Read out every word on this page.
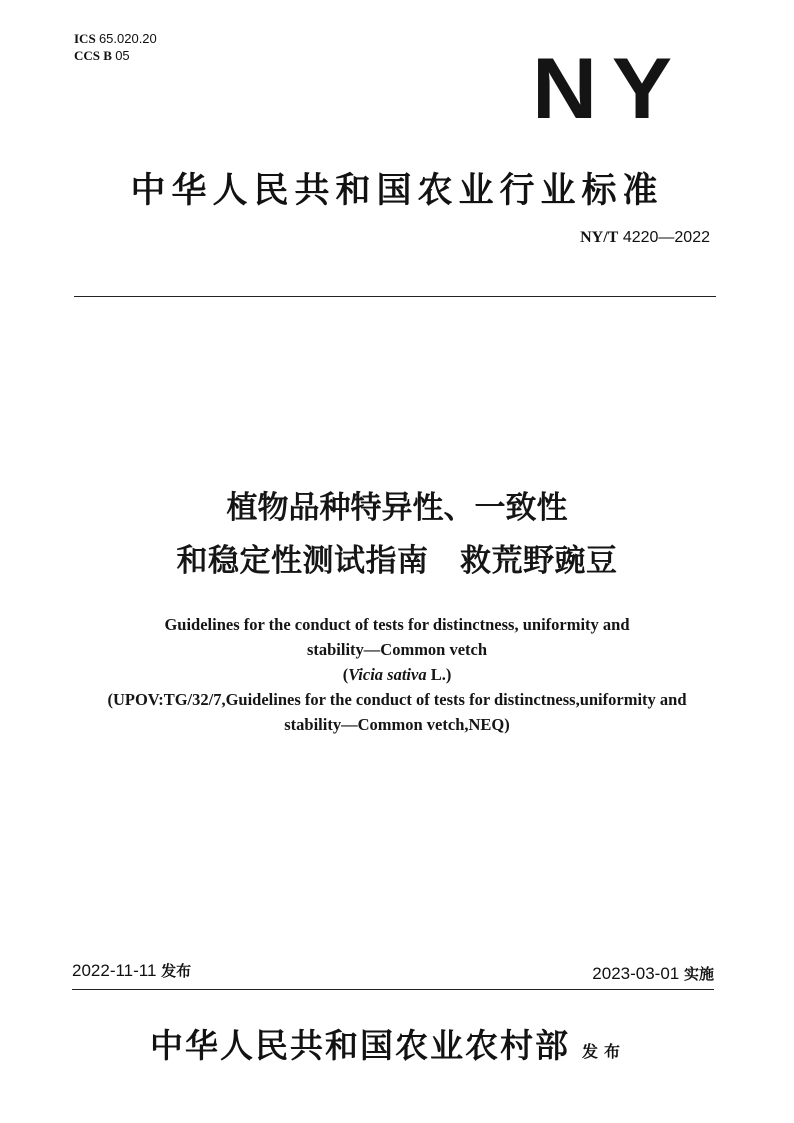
ICS 65.020.20
CCS B 05	NY
中华人民共和国农业行业标准
NY/T 4220—2022
植物品种特异性、一致性
和稳定性测试指南　救荒野豌豆
Guidelines for the conduct of tests for distinctness, uniformity and
stability—Common vetch
(Vicia sativa L.)
(UPOV:TG/32/7,Guidelines for the conduct of tests for distinctness,uniformity and
stability—Common vetch,NEQ)
2022-11-11 发布	2023-03-01 实施
中华人民共和国农业农村部 发布
